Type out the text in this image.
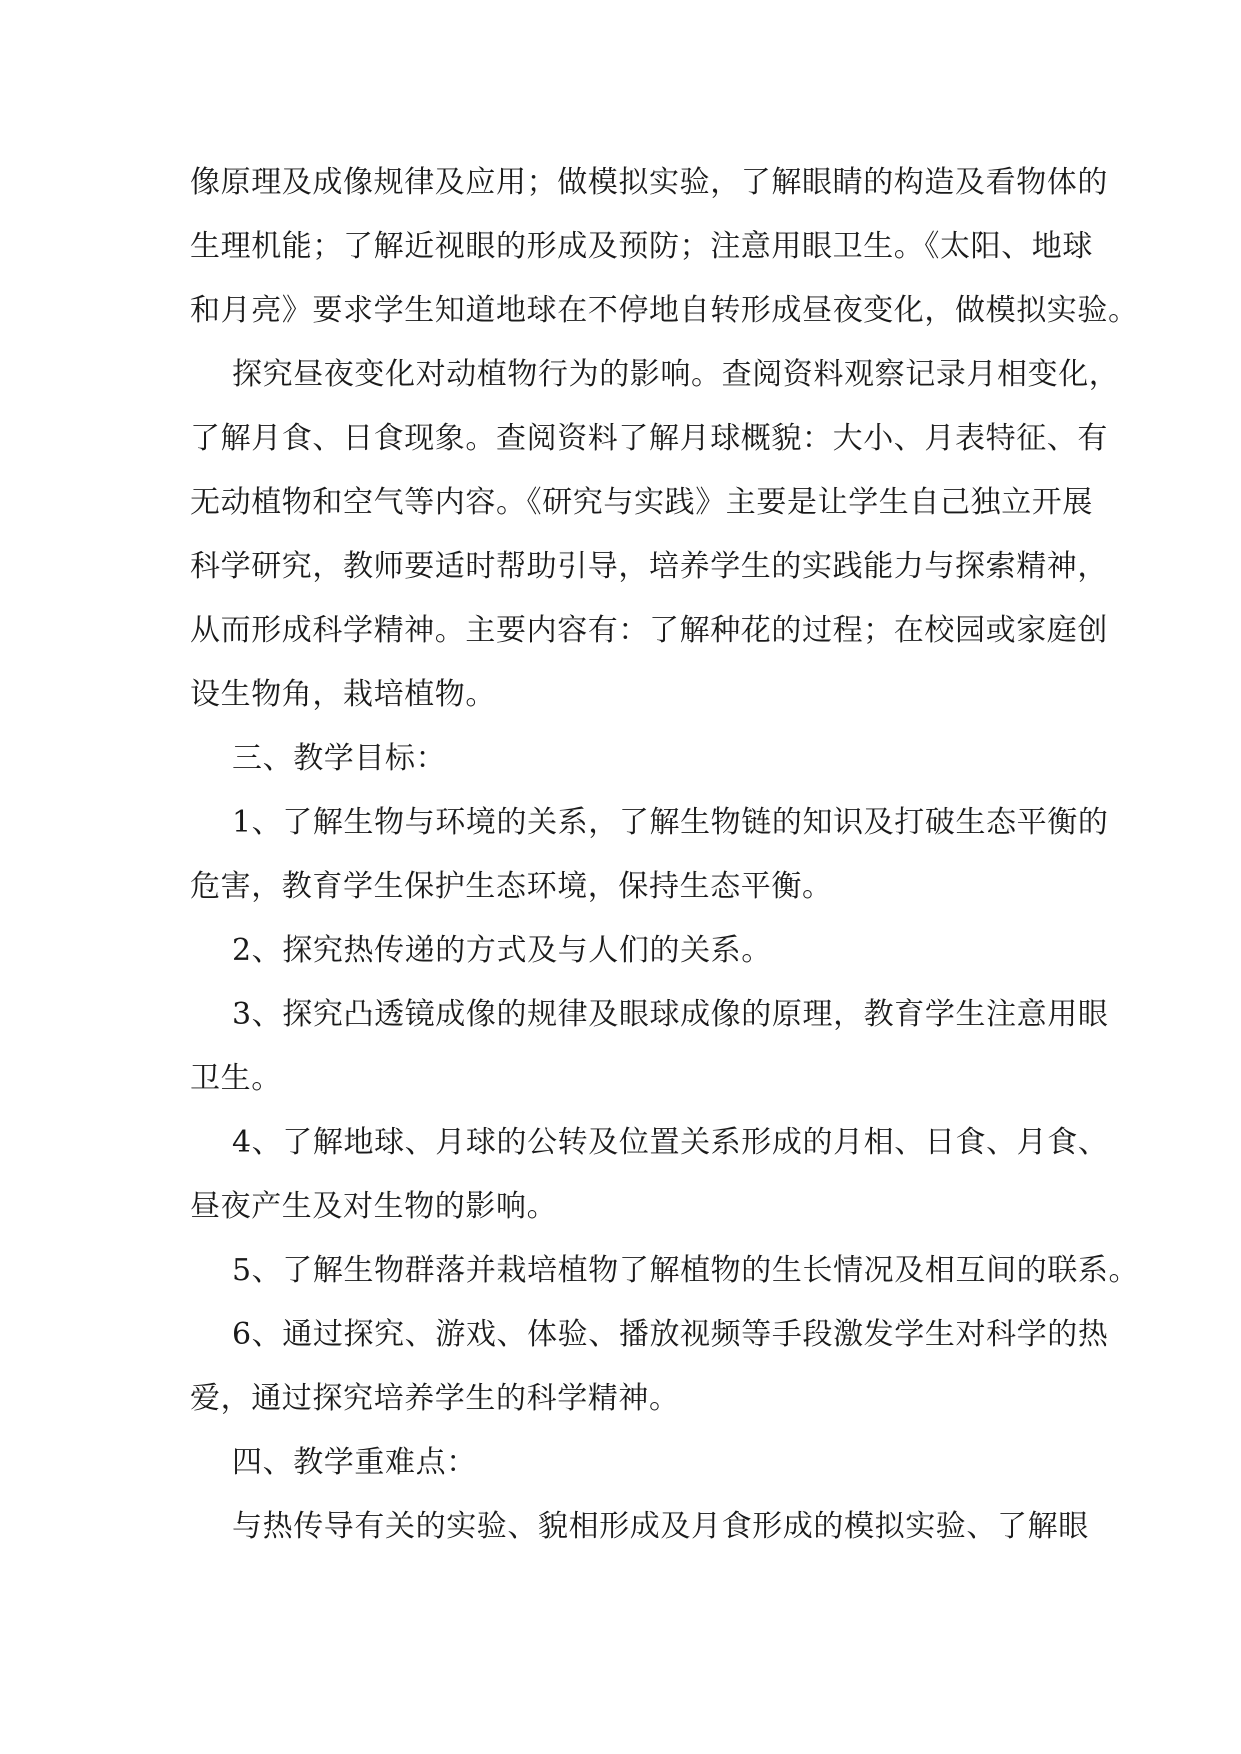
像原理及成像规律及应用；做模拟实验，了解眼睛的构造及看物体的
生理机能；了解近视眼的形成及预防；注意用眼卫生。《太阳、地球
和月亮》要求学生知道地球在不停地自转形成昼夜变化，做模拟实验。
探究昼夜变化对动植物行为的影响。查阅资料观察记录月相变化，
了解月食、日食现象。查阅资料了解月球概貌：大小、月表特征、有
无动植物和空气等内容。《研究与实践》主要是让学生自己独立开展
科学研究，教师要适时帮助引导，培养学生的实践能力与探索精神，
从而形成科学精神。主要内容有：了解种花的过程；在校园或家庭创
设生物角，栽培植物。
三、教学目标：
1、了解生物与环境的关系，了解生物链的知识及打破生态平衡的
危害，教育学生保护生态环境，保持生态平衡。
2、探究热传递的方式及与人们的关系。
3、探究凸透镜成像的规律及眼球成像的原理，教育学生注意用眼
卫生。
4、了解地球、月球的公转及位置关系形成的月相、日食、月食、
昼夜产生及对生物的影响。
5、了解生物群落并栽培植物了解植物的生长情况及相互间的联系。
6、通过探究、游戏、体验、播放视频等手段激发学生对科学的热
爱，通过探究培养学生的科学精神。
四、教学重难点：
与热传导有关的实验、貌相形成及月食形成的模拟实验、了解眼
